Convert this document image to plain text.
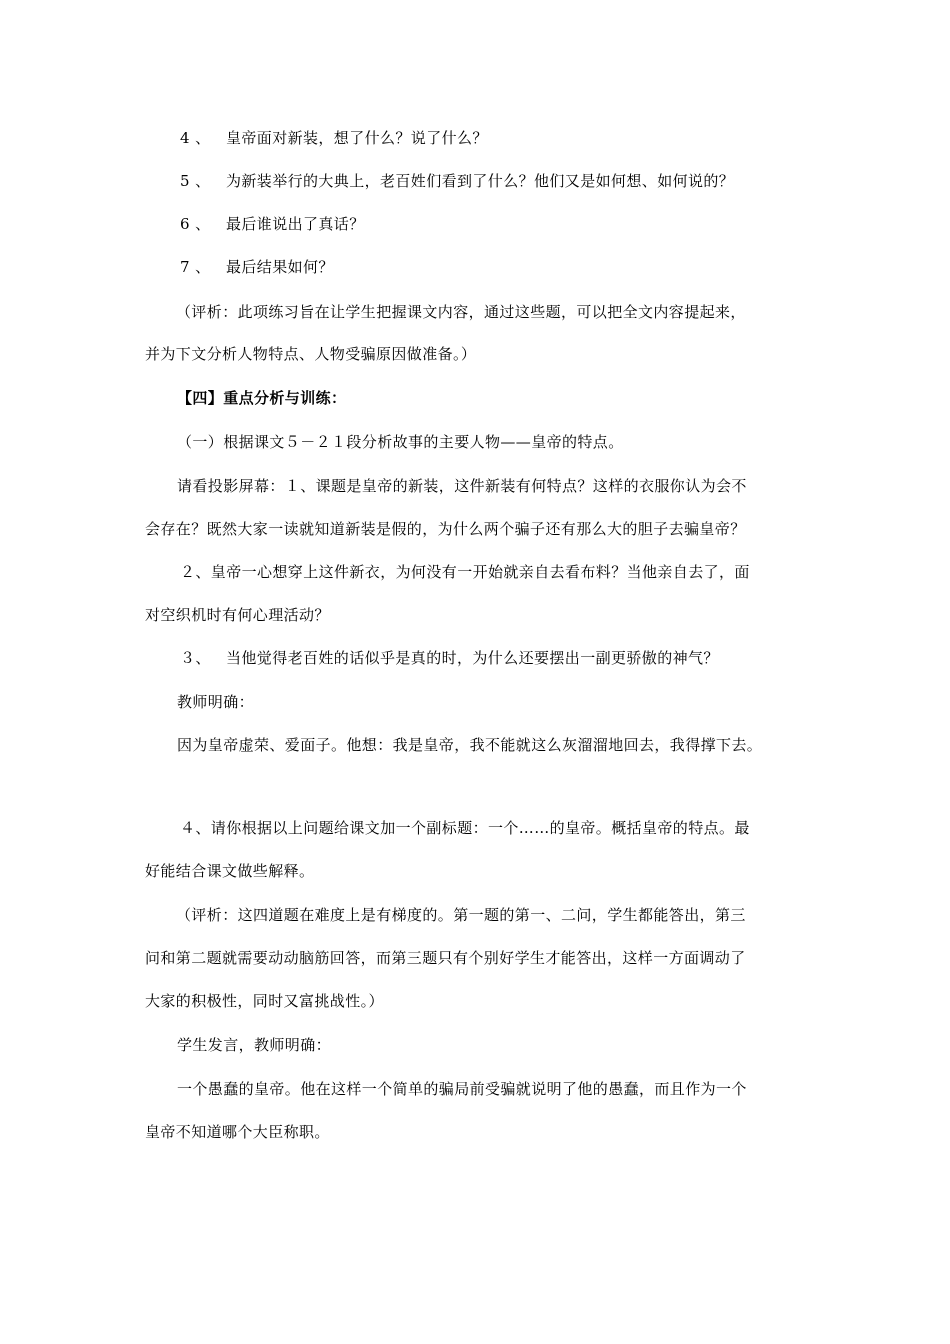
4 、 皇帝面对新装，想了什么？说了什么？
5 、 为新装举行的大典上，老百姓们看到了什么？他们又是如何想、如何说的？
6 、 最后谁说出了真话？
7 、 最后结果如何？
（评析：此项练习旨在让学生把握课文内容，通过这些题，可以把全文内容提起来，
并为下文分析人物特点、人物受骗原因做准备。）
【四】重点分析与训练：
（一）根据课文５－２１段分析故事的主要人物——皇帝的特点。
请看投影屏幕：１、课题是皇帝的新装，这件新装有何特点？这样的衣服你认为会不
会存在？既然大家一读就知道新装是假的，为什么两个骗子还有那么大的胆子去骗皇帝？
２、皇帝一心想穿上这件新衣，为何没有一开始就亲自去看布料？当他亲自去了，面
对空织机时有何心理活动？
３、 当他觉得老百姓的话似乎是真的时，为什么还要摆出一副更骄傲的神气？
教师明确：
因为皇帝虚荣、爱面子。他想：我是皇帝，我不能就这么灰溜溜地回去，我得撑下去。
４、请你根据以上问题给课文加一个副标题：一个……的皇帝。概括皇帝的特点。最
好能结合课文做些解释。
（评析：这四道题在难度上是有梯度的。第一题的第一、二问，学生都能答出，第三
问和第二题就需要动动脑筋回答，而第三题只有个别好学生才能答出，这样一方面调动了
大家的积极性，同时又富挑战性。）
学生发言，教师明确：
一个愚蠢的皇帝。他在这样一个简单的骗局前受骗就说明了他的愚蠢，而且作为一个
皇帝不知道哪个大臣称职。
